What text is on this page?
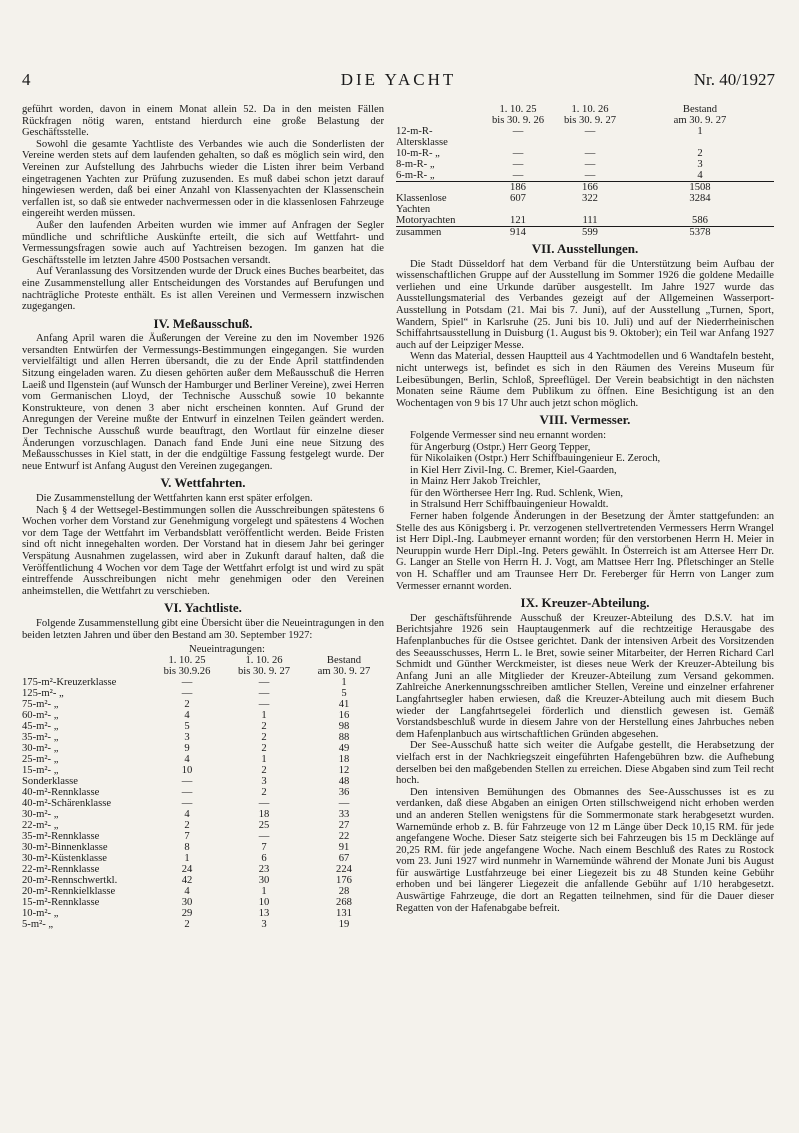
4	DIE YACHT	Nr. 40/1927

geführt worden, davon in einem Monat allein 52. Da in den meisten Fällen Rückfragen nötig waren, entstand hierdurch eine große Belastung der Geschäftsstelle.

Sowohl die gesamte Yachtliste des Verbandes wie auch die Sonderlisten der Vereine werden stets auf dem laufenden gehalten, so daß es möglich sein wird, den Vereinen zur Aufstellung des Jahrbuchs wieder die Listen ihrer beim Verband eingetragenen Yachten zur Prüfung zuzusenden. Es muß dabei schon jetzt darauf hingewiesen werden, daß bei einer Anzahl von Klassenyachten der Klassenschein verfallen ist, so daß sie entweder nachvermessen oder in die klassenlosen Fahrzeuge eingereiht werden müssen.

Außer den laufenden Arbeiten wurden wie immer auf Anfragen der Segler mündliche und schriftliche Auskünfte erteilt, die sich auf Wettfahrt- und Vermessungsfragen sowie auch auf Yachtreisen bezogen. Im ganzen hat die Geschäftsstelle im letzten Jahre 4500 Postsachen versandt.

Auf Veranlassung des Vorsitzenden wurde der Druck eines Buches bearbeitet, das eine Zusammenstellung aller Entscheidungen des Vorstandes auf Berufungen und nachträgliche Proteste enthält. Es ist allen Vereinen und Vermessern inzwischen zugegangen.

IV. Meßausschuß.

Anfang April waren die Äußerungen der Vereine zu den im November 1926 versandten Entwürfen der Vermessungs-Bestimmungen eingegangen. Sie wurden vervielfältigt und allen Herren übersandt, die zu der Ende April stattfindenden Sitzung eingeladen waren. Zu diesen gehörten außer dem Meßausschuß die Herren Laeiß und Ilgenstein (auf Wunsch der Hamburger und Berliner Vereine), zwei Herren vom Germanischen Lloyd, der Technische Ausschuß sowie 10 bekannte Konstrukteure, von denen 3 aber nicht erscheinen konnten. Auf Grund der Anregungen der Vereine mußte der Entwurf in einzelnen Teilen geändert werden. Der Technische Ausschuß wurde beauftragt, den Wortlaut für einzelne dieser Änderungen vorzuschlagen. Danach fand Ende Juni eine neue Sitzung des Meßausschusses in Kiel statt, in der die endgültige Fassung festgelegt wurde. Der neue Entwurf ist Anfang August den Vereinen zugegangen.

V. Wettfahrten.

Die Zusammenstellung der Wettfahrten kann erst später erfolgen.

Nach § 4 der Wettsegel-Bestimmungen sollen die Ausschreibungen spätestens 6 Wochen vorher dem Vorstand zur Genehmigung vorgelegt und spätestens 4 Wochen vor dem Tage der Wettfahrt im Verbandsblatt veröffentlicht werden. Beide Fristen sind oft nicht innegehalten worden. Der Vorstand hat in diesem Jahr bei geringer Verspätung Ausnahmen zugelassen, wird aber in Zukunft darauf halten, daß die Veröffentlichung 4 Wochen vor dem Tage der Wettfahrt erfolgt ist und wird zu spät eintreffende Ausschreibungen nicht mehr genehmigen oder den Vereinen anheimstellen, die Wettfahrt zu verschieben.

VI. Yachtliste.

Folgende Zusammenstellung gibt eine Übersicht über die Neueintragungen in den beiden letzten Jahren und über den Bestand am 30. September 1927:

	Neueintragungen:		
	1. 10. 25	1. 10. 26	Bestand
	bis 30.9.26	bis 30. 9. 27	am 30. 9. 27
175-m²-Kreuzerklasse	—	—	1
125-m²- „	—	—	5
75-m²- „	2	—	41
60-m²- „	4	1	16
45-m²- „	5	2	98
35-m²- „	3	2	88
30-m²- „	9	2	49
25-m²- „	4	1	18
15-m²- „	10	2	12
Sonderklasse	—	3	48
40-m²-Rennklasse	—	2	36
40-m²-Schärenklasse	—	—	—
30-m²- „	4	18	33
22-m²- „	2	25	27
35-m²-Rennklasse	7	—	22
30-m²-Binnenklasse	8	7	91
30-m²-Küstenklasse	1	6	67
22-m²-Rennklasse	24	23	224
20-m²-Rennschwertkl.	42	30	176
20-m²-Rennkielklasse	4	1	28
15-m²-Rennklasse	30	10	268
10-m²- „	29	13	131
5-m²- „	2	3	19
	1. 10. 25	1. 10. 26	Bestand
	bis 30. 9. 26	bis 30. 9. 27	am 30. 9. 27
12-m-R-Altersklasse	—	—	1
10-m-R- „	—	—	2
8-m-R- „	—	—	3
6-m-R- „	—	—	4
	186	166	1508
Klassenlose Yachten	607	322	3284
Motoryachten	121	111	586
zusammen	914	599	5378
VII. Ausstellungen.

Die Stadt Düsseldorf hat dem Verband für die Unterstützung beim Aufbau der wissenschaftlichen Gruppe auf der Ausstellung im Sommer 1926 die goldene Medaille verliehen und eine Urkunde darüber ausgestellt. Im Jahre 1927 wurde das Ausstellungsmaterial des Verbandes gezeigt auf der Allgemeinen Wasserport-Ausstellung in Potsdam (21. Mai bis 7. Juni), auf der Ausstellung „Turnen, Sport, Wandern, Spiel“ in Karlsruhe (25. Juni bis 10. Juli) und auf der Niederrheinischen Schiffahrtsausstellung in Duisburg (1. August bis 9. Oktober); ein Teil war Anfang 1927 auch auf der Leipziger Messe.

Wenn das Material, dessen Hauptteil aus 4 Yachtmodellen und 6 Wandtafeln besteht, nicht unterwegs ist, befindet es sich in den Räumen des Vereins Museum für Leibesübungen, Berlin, Schloß, Spreeflügel. Der Verein beabsichtigt in den nächsten Monaten seine Räume dem Publikum zu öffnen. Eine Besichtigung ist an den Wochentagen von 9 bis 17 Uhr auch jetzt schon möglich.

VIII. Vermesser.

Folgende Vermesser sind neu ernannt worden:

für Angerburg (Ostpr.) Herr Georg Tepper,
für Nikolaiken (Ostpr.) Herr Schiffbauingenieur E. Zeroch,
in Kiel Herr Zivil-Ing. C. Bremer, Kiel-Gaarden,
in Mainz Herr Jakob Treichler,
für den Wörthersee Herr Ing. Rud. Schlenk, Wien,
in Stralsund Herr Schiffbauingenieur Howaldt.

Ferner haben folgende Änderungen in der Besetzung der Ämter stattgefunden: an Stelle des aus Königsberg i. Pr. verzogenen stellvertretenden Vermessers Herrn Wrangel ist Herr Dipl.-Ing. Laubmeyer ernannt worden; für den verstorbenen Herrn H. Meier in Neuruppin wurde Herr Dipl.-Ing. Peters gewählt. In Österreich ist am Attersee Herr Dr. G. Langer an Stelle von Herrn H. J. Vogt, am Mattsee Herr Ing. Pfletschinger an Stelle von H. Schaffler und am Traunsee Herr Dr. Fereberger für Herrn von Langer zum Vermesser ernannt worden.

IX. Kreuzer-Abteilung.

Der geschäftsführende Ausschuß der Kreuzer-Abteilung des D.S.V. hat im Berichtsjahre 1926 sein Hauptaugenmerk auf die rechtzeitige Herausgabe des Hafenplanbuches für die Ostsee gerichtet. Dank der intensiven Arbeit des Vorsitzenden des Seeausschusses, Herrn L. le Bret, sowie seiner Mitarbeiter, der Herren Richard Carl Schmidt und Günther Werckmeister, ist dieses neue Werk der Kreuzer-Abteilung bis Anfang Juni an alle Mitglieder der Kreuzer-Abteilung zum Versand gekommen. Zahlreiche Anerkennungsschreiben amtlicher Stellen, Vereine und einzelner erfahrener Langfahrtsegler haben erwiesen, daß die Kreuzer-Abteilung auch mit diesem Buch wieder der Langfahrtsegelei förderlich und dienstlich gewesen ist. Gemäß Vorstandsbeschluß wurde in diesem Jahre von der Herstellung eines Jahrbuches neben dem Hafenplanbuch aus wirtschaftlichen Gründen abgesehen.

Der See-Ausschuß hatte sich weiter die Aufgabe gestellt, die Herabsetzung der vielfach erst in der Nachkriegszeit eingeführten Hafengebühren bzw. die Aufhebung derselben bei den maßgebenden Stellen zu erreichen. Diese Abgaben sind zum Teil recht hoch.

Den intensiven Bemühungen des Obmannes des See-Ausschusses ist es zu verdanken, daß diese Abgaben an einigen Orten stillschweigend nicht erhoben werden und an anderen Stellen wenigstens für die Sommermonate stark herabgesetzt wurden. Warnemünde erhob z. B. für Fahrzeuge von 12 m Länge über Deck 10,15 RM. für jede angefangene Woche. Dieser Satz steigerte sich bei Fahrzeugen bis 15 m Decklänge auf 20,25 RM. für jede angefangene Woche. Nach einem Beschluß des Rates zu Rostock vom 23. Juni 1927 wird nunmehr in Warnemünde während der Monate Juni bis August für auswärtige Lustfahrzeuge bei einer Liegezeit bis zu 48 Stunden keine Gebühr erhoben und bei längerer Liegezeit die anfallende Gebühr auf 1/10 herabgesetzt. Auswärtige Fahrzeuge, die dort an Regatten teilnehmen, sind für die Dauer dieser Regatten von der Hafenabgabe befreit.
